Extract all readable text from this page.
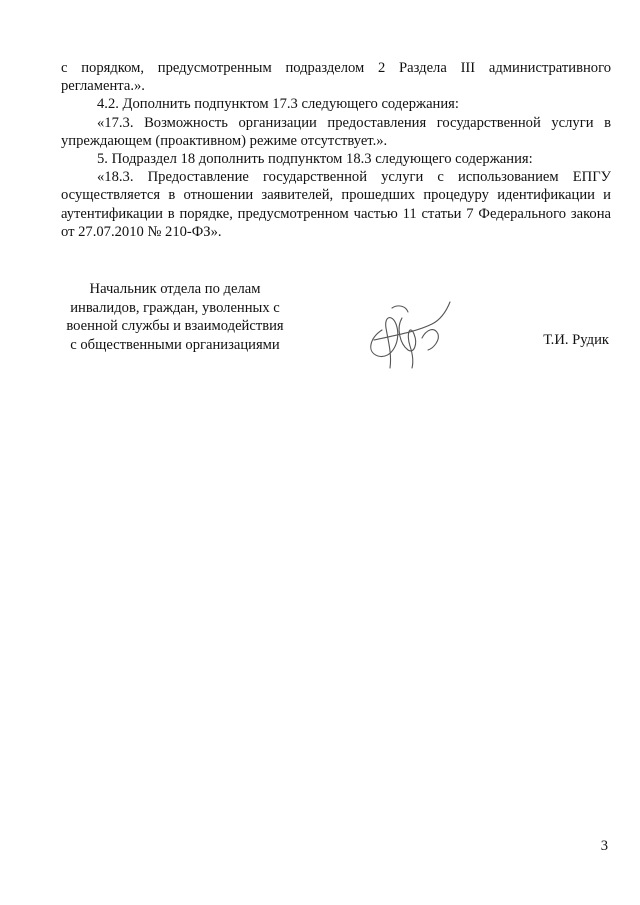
с порядком, предусмотренным подразделом 2 Раздела III административного регламента.».

4.2. Дополнить подпунктом 17.3 следующего содержания:

«17.3. Возможность организации предоставления государственной услуги в упреждающем (проактивном) режиме отсутствует.».

5. Подраздел 18 дополнить подпунктом 18.3 следующего содержания:

«18.3. Предоставление государственной услуги с использованием ЕПГУ осуществляется в отношении заявителей, прошедших процедуру идентификации и аутентификации в порядке, предусмотренном частью 11 статьи 7 Федерального закона от 27.07.2010 № 210-ФЗ».

Начальник отдела по делам
инвалидов, граждан, уволенных с
военной службы и взаимодействия
с общественными организациями	Т.И. Рудик
3
